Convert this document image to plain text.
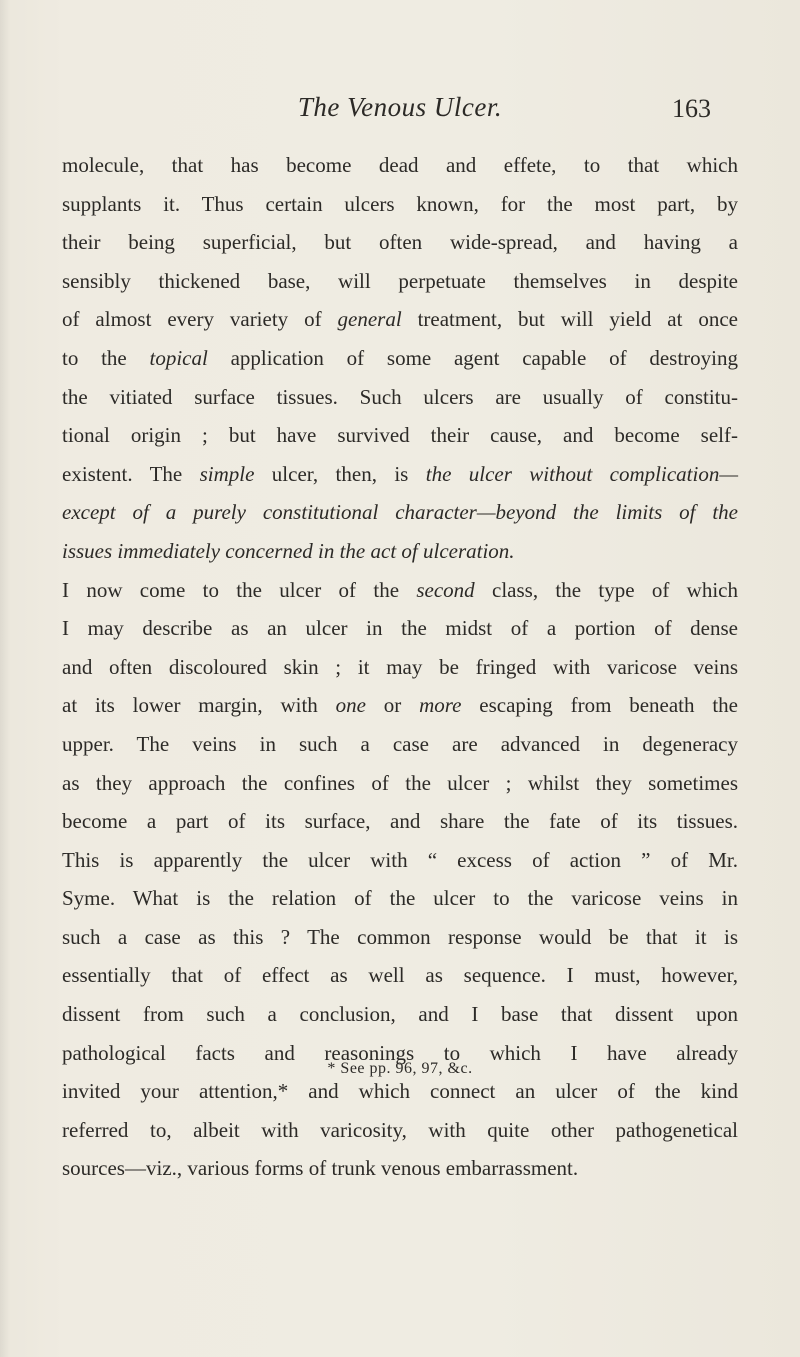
The Venous Ulcer.	163
molecule, that has become dead and effete, to that which
supplants it. Thus certain ulcers known, for the most part, by
their being superficial, but often wide-spread, and having a
sensibly thickened base, will perpetuate themselves in despite
of almost every variety of general treatment, but will yield at once
to the topical application of some agent capable of destroying
the vitiated surface tissues. Such ulcers are usually of constitu-
tional origin ; but have survived their cause, and become self-
existent. The simple ulcer, then, is the ulcer without complication—
except of a purely constitutional character—beyond the limits of the
issues immediately concerned in the act of ulceration.
I now come to the ulcer of the second class, the type of which
I may describe as an ulcer in the midst of a portion of dense
and often discoloured skin ; it may be fringed with varicose veins
at its lower margin, with one or more escaping from beneath the
upper. The veins in such a case are advanced in degeneracy
as they approach the confines of the ulcer ; whilst they sometimes
become a part of its surface, and share the fate of its tissues.
This is apparently the ulcer with “ excess of action ” of Mr.
Syme. What is the relation of the ulcer to the varicose veins in
such a case as this ? The common response would be that it is
essentially that of effect as well as sequence. I must, however,
dissent from such a conclusion, and I base that dissent upon
pathological facts and reasonings to which I have already
invited your attention,* and which connect an ulcer of the kind
referred to, albeit with varicosity, with quite other pathogenetical
sources—viz., various forms of trunk venous embarrassment.
* See pp. 96, 97, &c.
